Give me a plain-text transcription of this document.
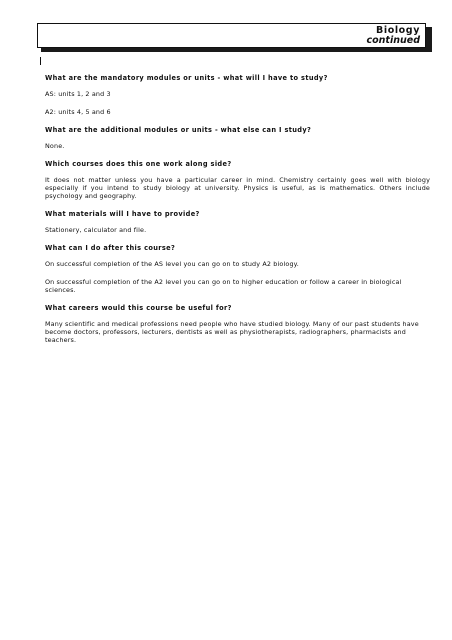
Biology
continued

What are the mandatory modules or units - what will I have to study?

AS: units 1, 2 and 3

A2: units 4, 5 and 6

What are the additional modules or units - what else can I study?

None.

Which courses does this one work along side?

It does not matter unless you have a particular career in mind. Chemistry certainly goes well with biology especially if you intend to study biology at university. Physics is useful, as is mathematics. Others include psychology and geography.

What materials will I have to provide?

Stationery, calculator and file.

What can I do after this course?

On successful completion of the AS level you can go on to study A2 biology.

On successful completion of the A2 level you can go on to higher education or follow a career in biological sciences.

What careers would this course be useful for?

Many scientific and medical professions need people who have studied biology. Many of our past students have become doctors, professors, lecturers, dentists as well as physiotherapists, radiographers, pharmacists and teachers.
